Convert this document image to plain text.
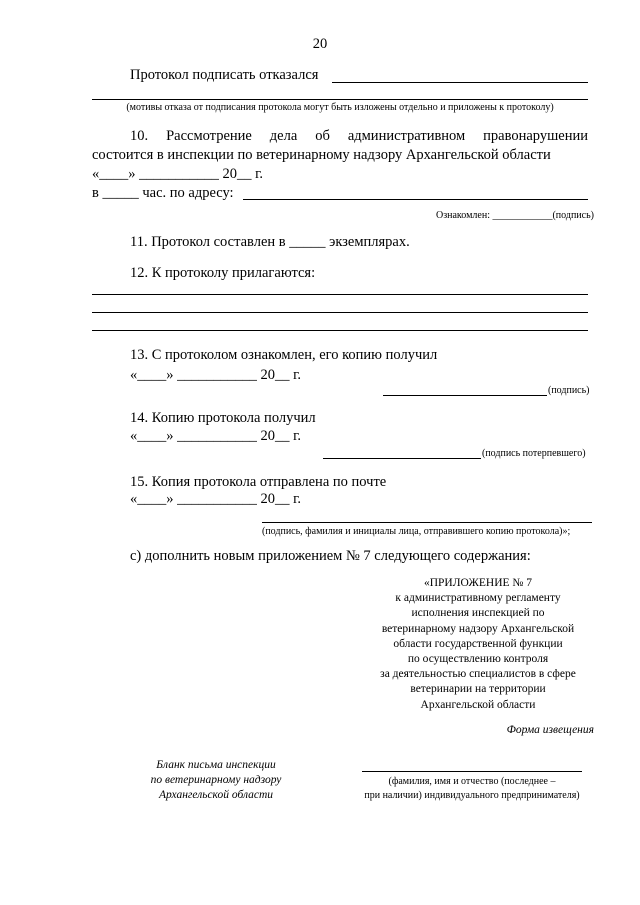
20
Протокол подписать отказался
(мотивы отказа от подписания протокола могут быть изложены отдельно и приложены к протоколу)
10. Рассмотрение дела об административном правонарушении
состоится в инспекции по ветеринарному надзору Архангельской области
«____» ___________ 20__ г.
в _____ час. по адресу:
Ознакомлен: ____________(подпись)
11. Протокол составлен в _____ экземплярах.
12. К протоколу прилагаются:
13. С протоколом ознакомлен, его копию получил
«____» ___________ 20__ г.
(подпись)
14. Копию протокола получил
«____» ___________ 20__ г.
(подпись потерпевшего)
15. Копия протокола отправлена по почте
«____» ___________ 20__ г.
(подпись, фамилия и инициалы лица, отправившего копию протокола)»;
с) дополнить новым приложением № 7 следующего содержания:
«ПРИЛОЖЕНИЕ № 7
к административному регламенту
исполнения инспекцией по
ветеринарному надзору Архангельской
области государственной функции
по осуществлению контроля
за деятельностью специалистов в сфере
ветеринарии на территории
Архангельской области
Форма извещения
Бланк письма инспекции
по ветеринарному надзору
Архангельской области
(фамилия, имя и отчество (последнее –
при наличии) индивидуального предпринимателя)
